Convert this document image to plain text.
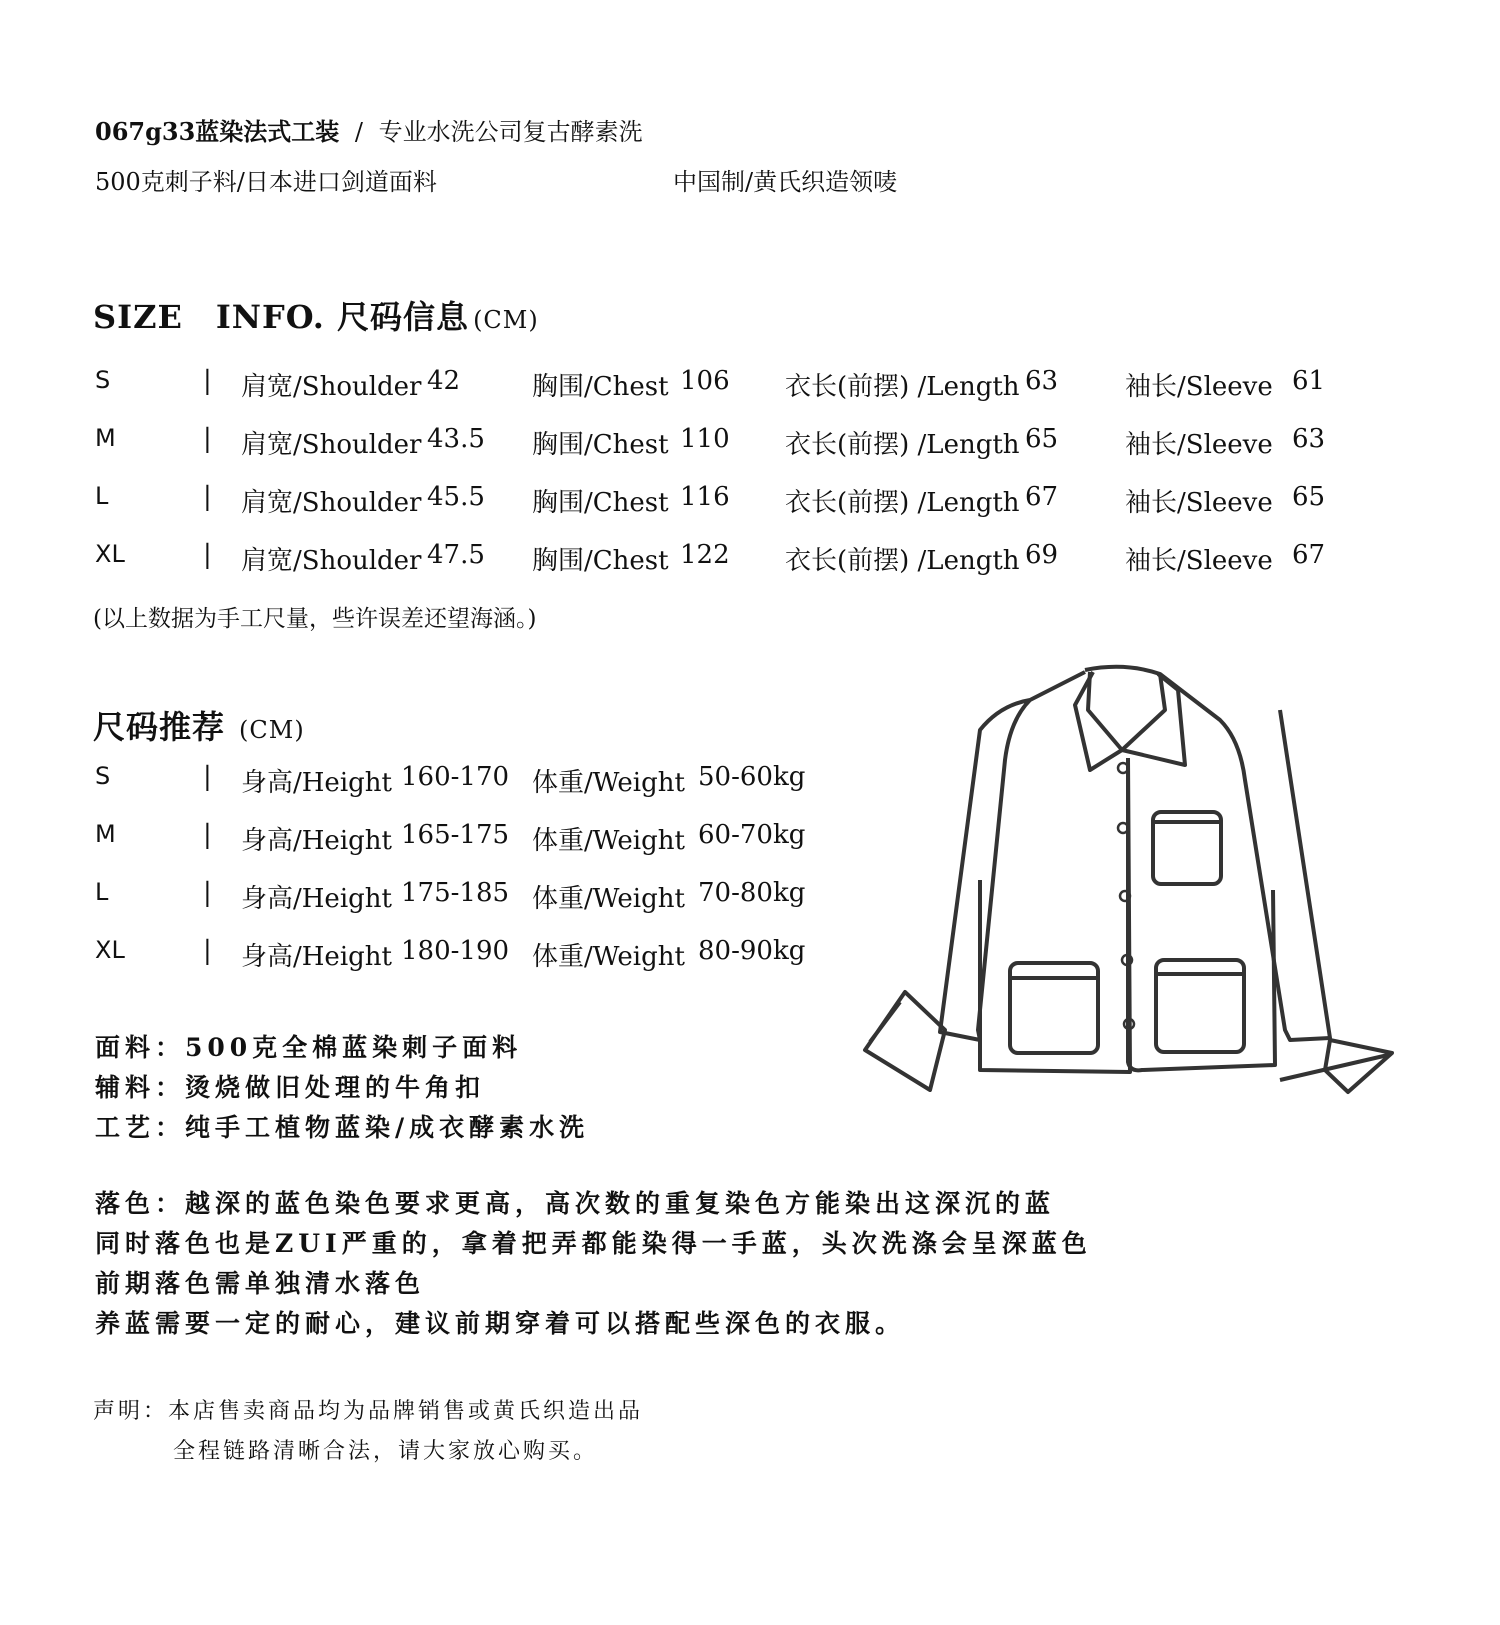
067g33蓝染法式工装 / 专业水洗公司复古酵素洗
500克刺子料/日本进口剑道面料	中国制/黄氏织造领唛
SIZE　INFO. 尺码信息 (CM)
S	| 肩宽/Shoulder 42	胸围/Chest 106 衣长(前摆) /Length 63	袖长/Sleeve 61
M	| 肩宽/Shoulder 43.5 胸围/Chest 110 衣长(前摆) /Length 65	袖长/Sleeve 63
L	| 肩宽/Shoulder 45.5 胸围/Chest 116 衣长(前摆) /Length 67	袖长/Sleeve 65
XL	| 肩宽/Shoulder 47.5 胸围/Chest 122 衣长(前摆) /Length 69	袖长/Sleeve 67
(以上数据为手工尺量，些许误差还望海涵。)
尺码推荐 (CM)
S	| 身高/Height 160-170 体重/Weight 50-60kg
M	| 身高/Height 165-175 体重/Weight 60-70kg
L	| 身高/Height 175-185 体重/Weight 70-80kg
XL	| 身高/Height 180-190 体重/Weight 80-90kg
面料：500克全棉蓝染刺子面料
辅料：烫烧做旧处理的牛角扣
工艺：纯手工植物蓝染/成衣酵素水洗
落色：越深的蓝色染色要求更高，高次数的重复染色方能染出这深沉的蓝
同时落色也是ZUI严重的，拿着把弄都能染得一手蓝，头次洗涤会呈深蓝色
前期落色需单独清水落色
养蓝需要一定的耐心，建议前期穿着可以搭配些深色的衣服。
声明：本店售卖商品均为品牌销售或黄氏织造出品
全程链路清晰合法，请大家放心购买。
